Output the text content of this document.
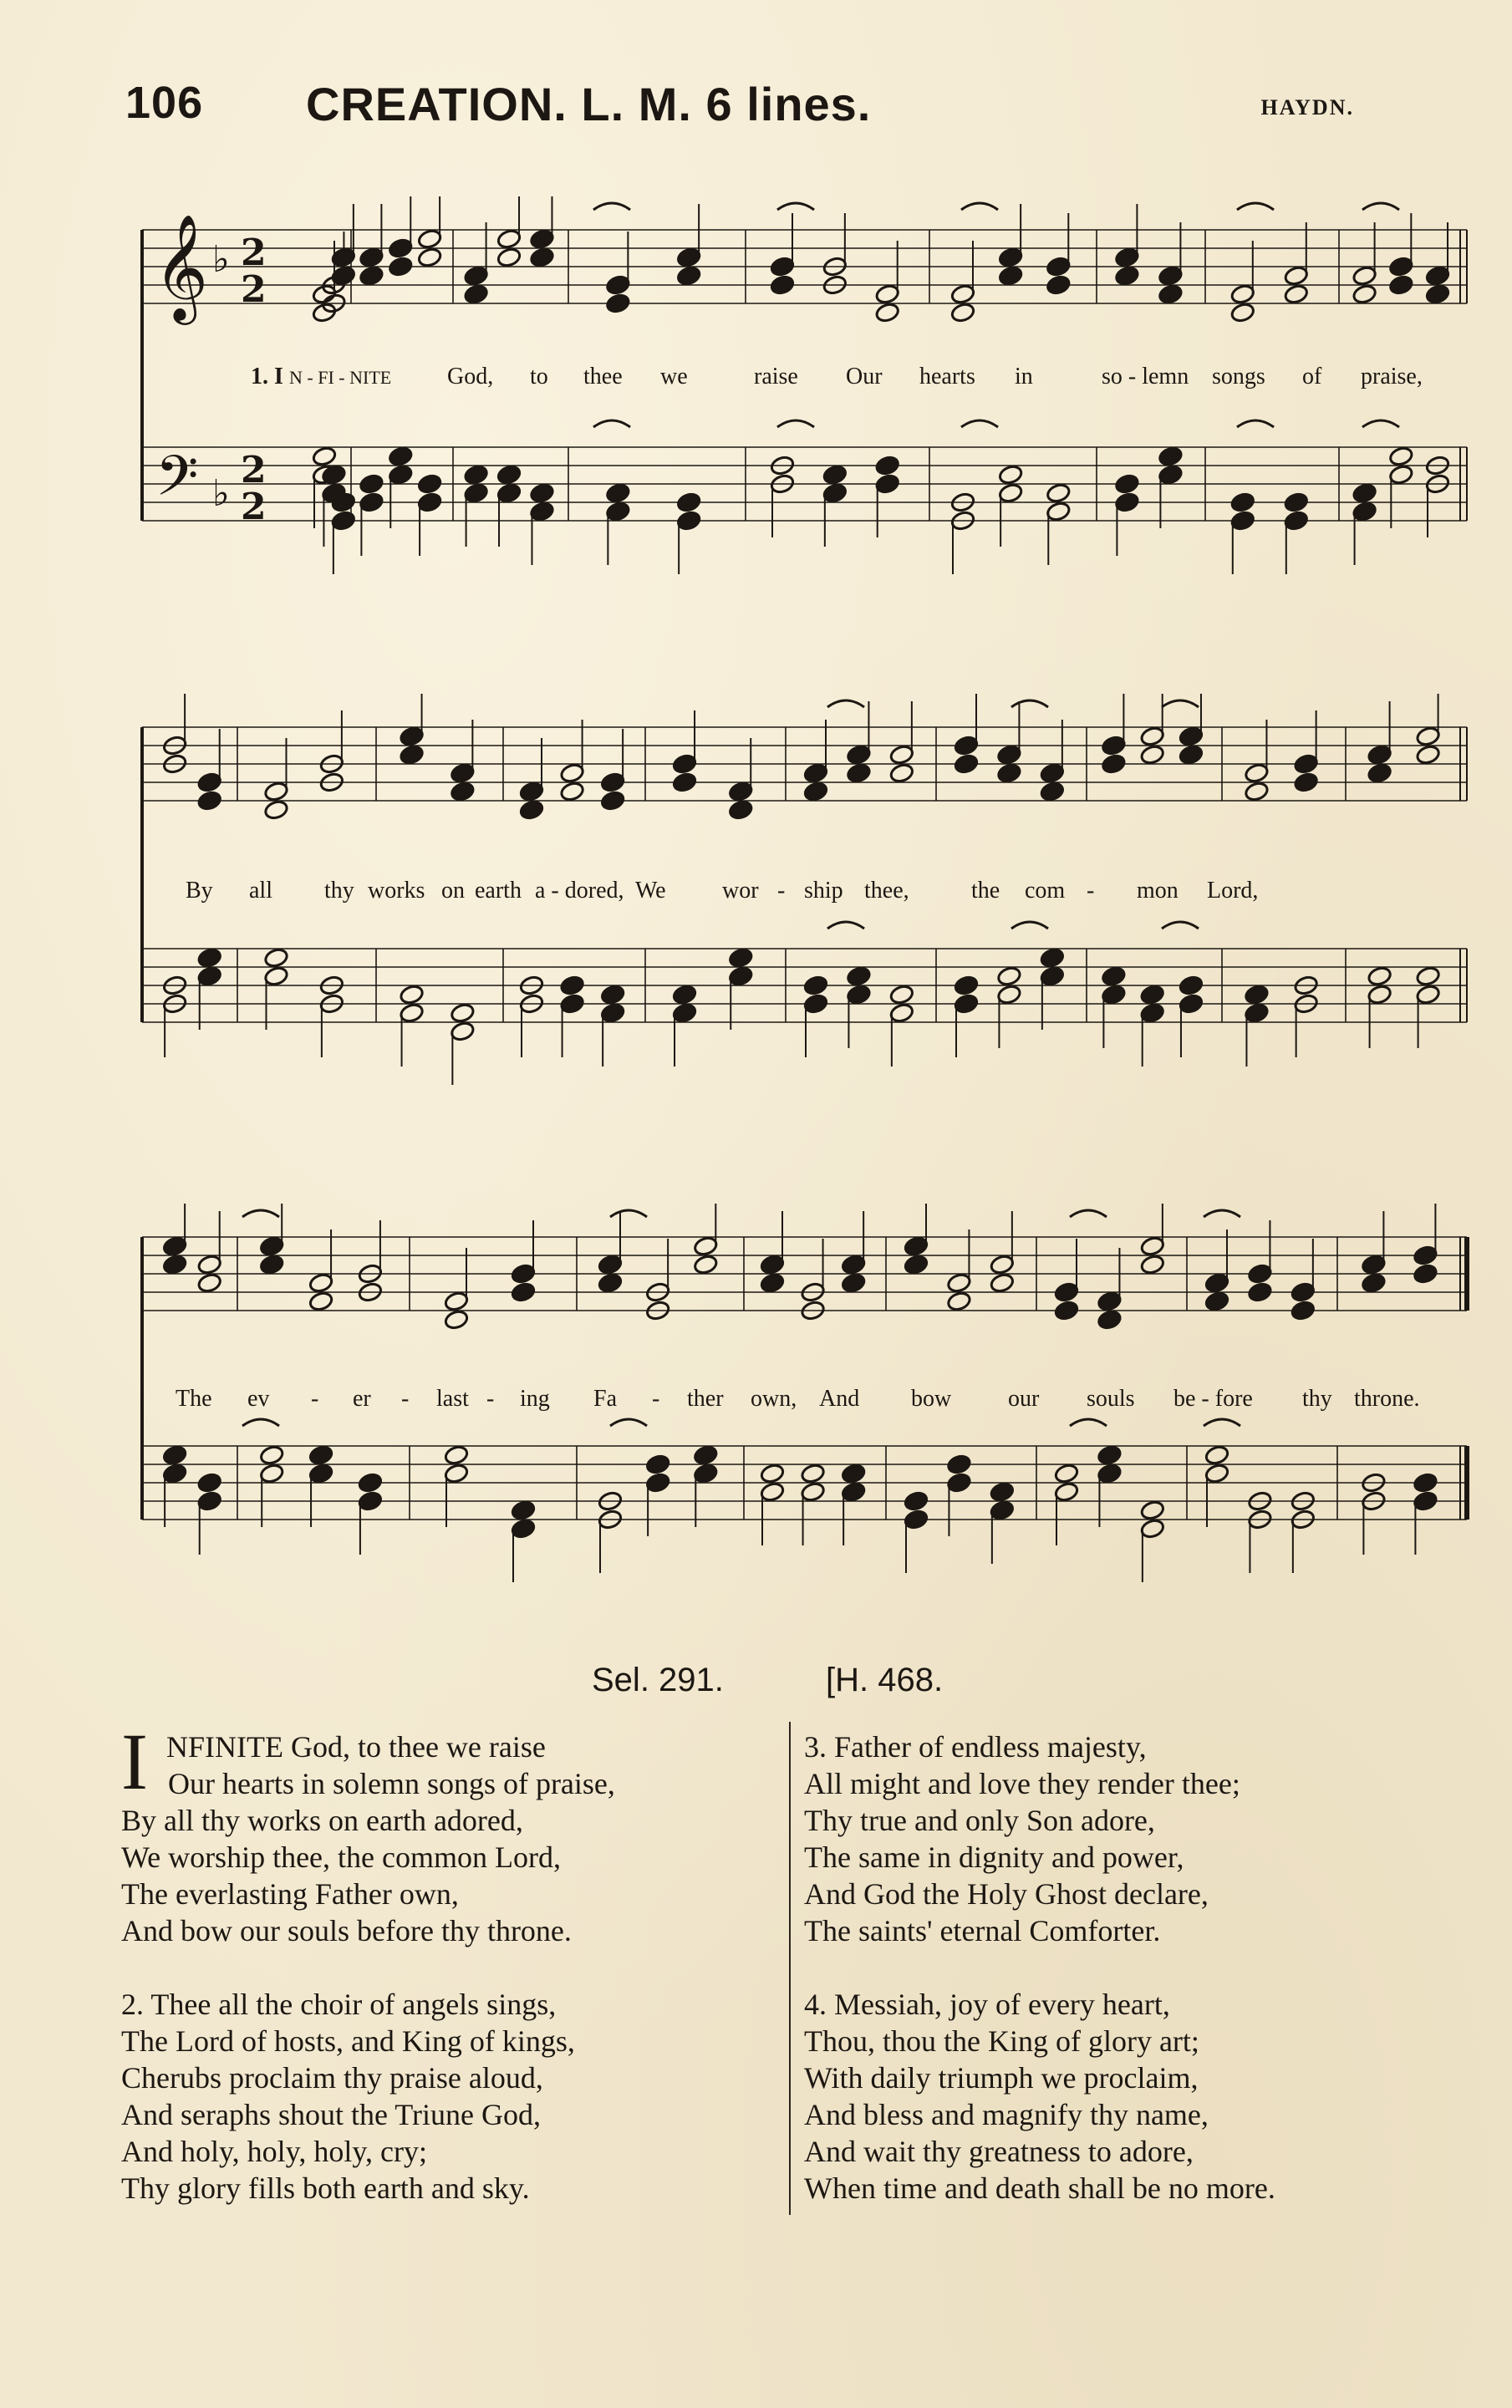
106 CREATION. L. M. 6 lines.	HAYDN.
𝄞
𝄢
♭
♭
2
2
2
2
1. I N - FI - NITE God, to thee we	raise Our hearts in	so - lemn songs of praise,
By all thy works on earth a - dored, We wor - ship thee,	the com - mon Lord,
The ev - er - last - ing Fa - ther own, And bow our souls be - fore thy throne.
Sel. 291.	[H. 468.
I NFINITE God, to thee we raise
Our hearts in solemn songs of praise,
By all thy works on earth adored,
We worship thee, the common Lord,
The everlasting Father own,
And bow our souls before thy throne.
2. Thee all the choir of angels sings,
The Lord of hosts, and King of kings,
Cherubs proclaim thy praise aloud,
And seraphs shout the Triune God,
And holy, holy, holy, cry;
Thy glory fills both earth and sky.
3. Father of endless majesty,
All might and love they render thee;
Thy true and only Son adore,
The same in dignity and power,
And God the Holy Ghost declare,
The saints' eternal Comforter.
4. Messiah, joy of every heart,
Thou, thou the King of glory art;
With daily triumph we proclaim,
And bless and magnify thy name,
And wait thy greatness to adore,
When time and death shall be no more.
